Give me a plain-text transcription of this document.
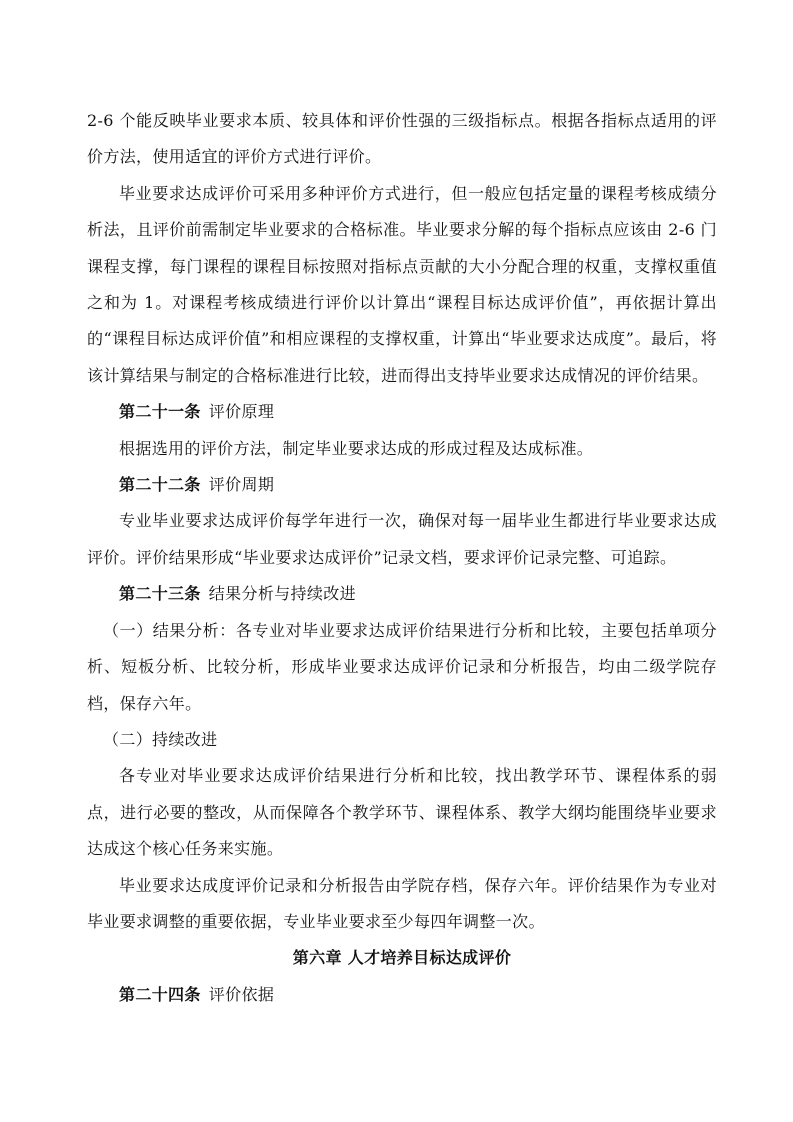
2-6 个能反映毕业要求本质、较具体和评价性强的三级指标点。根据各指标点适用的评价方法，使用适宜的评价方式进行评价。

毕业要求达成评价可采用多种评价方式进行，但一般应包括定量的课程考核成绩分析法，且评价前需制定毕业要求的合格标准。毕业要求分解的每个指标点应该由 2-6 门课程支撑，每门课程的课程目标按照对指标点贡献的大小分配合理的权重，支撑权重值之和为 1。对课程考核成绩进行评价以计算出“课程目标达成评价值”，再依据计算出的“课程目标达成评价值”和相应课程的支撑权重，计算出“毕业要求达成度”。最后，将该计算结果与制定的合格标准进行比较，进而得出支持毕业要求达成情况的评价结果。

第二十一条 评价原理

根据选用的评价方法，制定毕业要求达成的形成过程及达成标准。

第二十二条 评价周期

专业毕业要求达成评价每学年进行一次，确保对每一届毕业生都进行毕业要求达成评价。评价结果形成“毕业要求达成评价”记录文档，要求评价记录完整、可追踪。

第二十三条 结果分析与持续改进

（一）结果分析：各专业对毕业要求达成评价结果进行分析和比较，主要包括单项分析、短板分析、比较分析，形成毕业要求达成评价记录和分析报告，均由二级学院存档，保存六年。

（二）持续改进

各专业对毕业要求达成评价结果进行分析和比较，找出教学环节、课程体系的弱点，进行必要的整改，从而保障各个教学环节、课程体系、教学大纲均能围绕毕业要求达成这个核心任务来实施。

毕业要求达成度评价记录和分析报告由学院存档，保存六年。评价结果作为专业对毕业要求调整的重要依据，专业毕业要求至少每四年调整一次。

第六章 人才培养目标达成评价

第二十四条 评价依据
